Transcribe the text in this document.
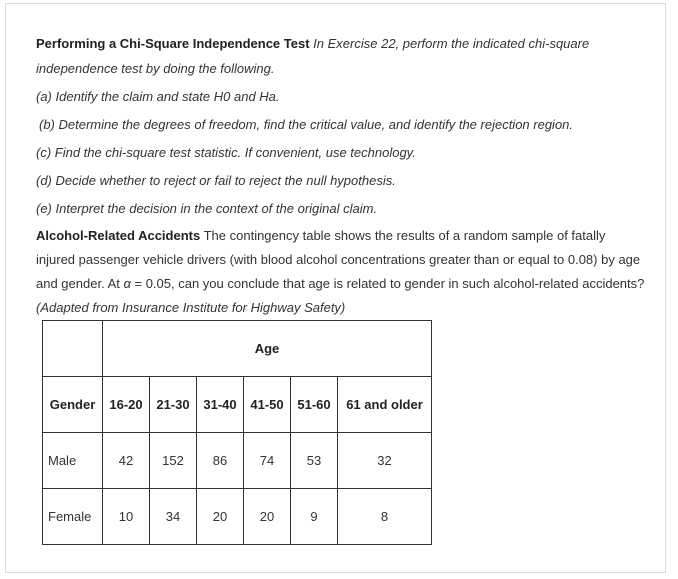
Performing a Chi-Square Independence Test In Exercise 22, perform the indicated chi-square independence test by doing the following.

(a) Identify the claim and state H0 and Ha.

(b) Determine the degrees of freedom, find the critical value, and identify the rejection region.

(c) Find the chi-square test statistic. If convenient, use technology.

(d) Decide whether to reject or fail to reject the null hypothesis.

(e) Interpret the decision in the context of the original claim.

Alcohol-Related Accidents The contingency table shows the results of a random sample of fatally injured passenger vehicle drivers (with blood alcohol concentrations greater than or equal to 0.08) by age and gender. At α = 0.05, can you conclude that age is related to gender in such alcohol-related accidents? (Adapted from Insurance Institute for Highway Safety)

	Age					
Gender	16-20	21-30	31-40	41-50	51-60	61 and older
Male	42	152	86	74	53	32
Female	10	34	20	20	9	8
